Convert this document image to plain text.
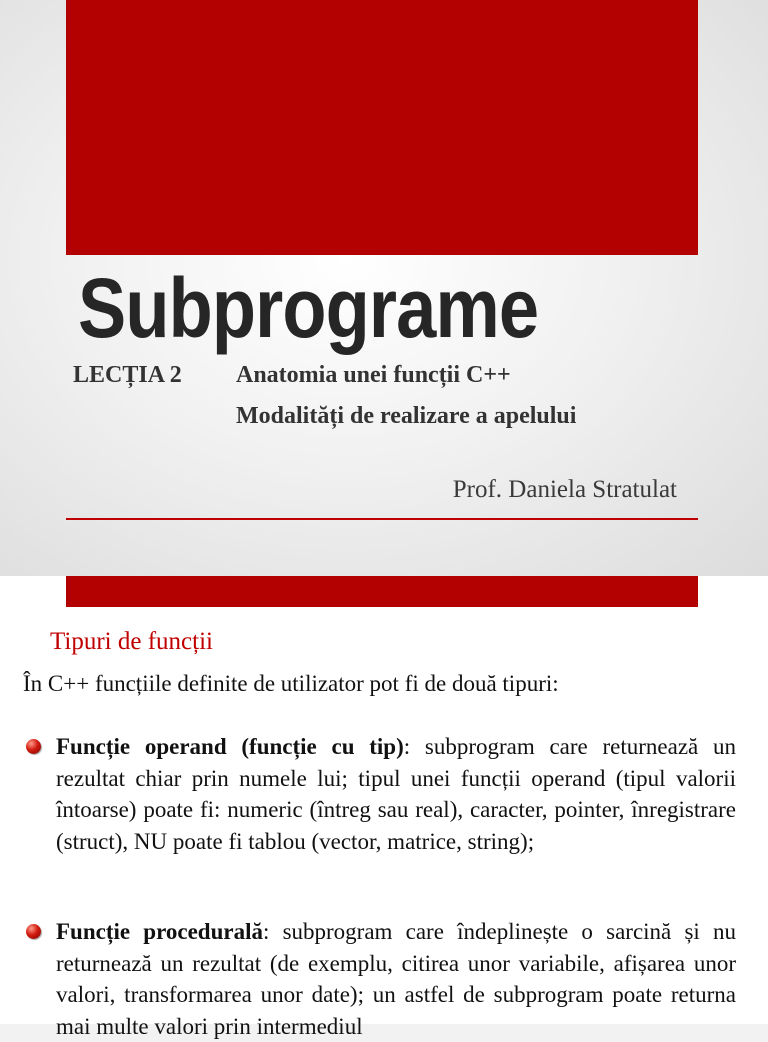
Subprograme
LECȚIA 2 Anatomia unei funcții C++
Modalități de realizare a apelului
Prof. Daniela Stratulat
Tipuri de funcții
În C++ funcțiile definite de utilizator pot fi de două tipuri:

Funcție operand (funcție cu tip): subprogram care returnează un rezultat chiar prin numele lui; tipul unei funcții operand (tipul valorii întoarse) poate fi: numeric (întreg sau real), caracter, pointer, înregistrare (struct), NU poate fi tablou (vector, matrice, string);

Funcție procedurală: subprogram care îndeplinește o sarcină și nu returnează un rezultat (de exemplu, citirea unor variabile, afișarea unor valori, transformarea unor date); un astfel de subprogram poate returna mai multe valori prin intermediul
